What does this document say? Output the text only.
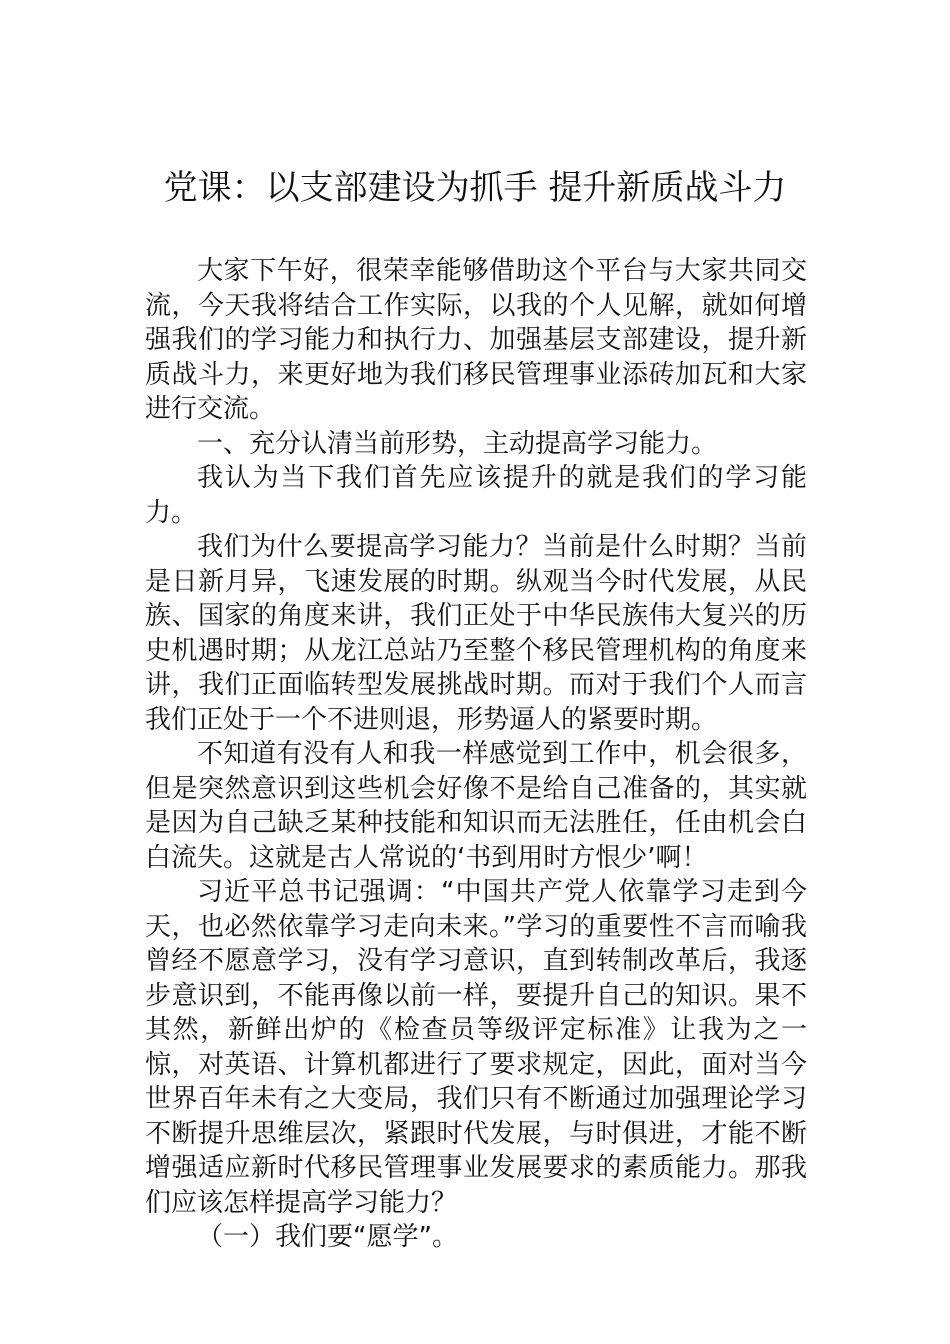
党课：以支部建设为抓手 提升新质战斗力

大家下午好，很荣幸能够借助这个平台与大家共同交流，今天我将结合工作实际，以我的个人见解，就如何增强我们的学习能力和执行力、加强基层支部建设，提升新质战斗力，来更好地为我们移民管理事业添砖加瓦和大家进行交流。

一、充分认清当前形势，主动提高学习能力。

我认为当下我们首先应该提升的就是我们的学习能力。

我们为什么要提高学习能力？当前是什么时期？当前是日新月异，飞速发展的时期。纵观当今时代发展，从民族、国家的角度来讲，我们正处于中华民族伟大复兴的历史机遇时期；从龙江总站乃至整个移民管理机构的角度来讲，我们正面临转型发展挑战时期。而对于我们个人而言我们正处于一个不进则退，形势逼人的紧要时期。

不知道有没有人和我一样感觉到工作中，机会很多，但是突然意识到这些机会好像不是给自己准备的，其实就是因为自己缺乏某种技能和知识而无法胜任，任由机会白白流失。这就是古人常说的‘书到用时方恨少’啊！

习近平总书记强调：“中国共产党人依靠学习走到今天，也必然依靠学习走向未来。”学习的重要性不言而喻我曾经不愿意学习，没有学习意识，直到转制改革后，我逐步意识到，不能再像以前一样，要提升自己的知识。果不其然，新鲜出炉的《检查员等级评定标准》让我为之一惊，对英语、计算机都进行了要求规定，因此，面对当今世界百年未有之大变局，我们只有不断通过加强理论学习不断提升思维层次，紧跟时代发展，与时俱进，才能不断增强适应新时代移民管理事业发展要求的素质能力。那我们应该怎样提高学习能力？

（一）我们要“愿学”。
